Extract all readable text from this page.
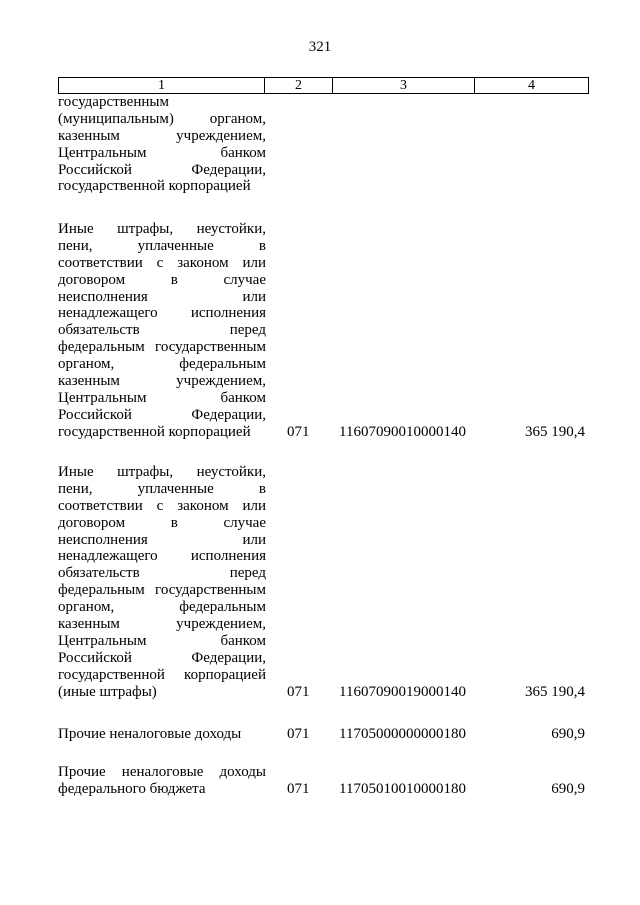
321
1	2	3	4
государственным
(муниципальным) органом,
казенным учреждением,
Центральным банком
Российской Федерации,
государственной корпорацией
Иные штрафы, неустойки,
пени, уплаченные в
соответствии с законом или
договором в случае
неисполнения или
ненадлежащего исполнения
обязательств перед
федеральным государственным
органом, федеральным
казенным учреждением,
Центральным банком
Российской Федерации,
государственной корпорацией	071 11607090010000140	365 190,4
Иные штрафы, неустойки,
пени, уплаченные в
соответствии с законом или
договором в случае
неисполнения или
ненадлежащего исполнения
обязательств перед
федеральным государственным
органом, федеральным
казенным учреждением,
Центральным банком
Российской Федерации,
государственной корпорацией
(иные штрафы)	071 11607090019000140	365 190,4
Прочие неналоговые доходы	071 11705000000000180	690,9
Прочие неналоговые доходы
федерального бюджета	071 11705010010000180	690,9
